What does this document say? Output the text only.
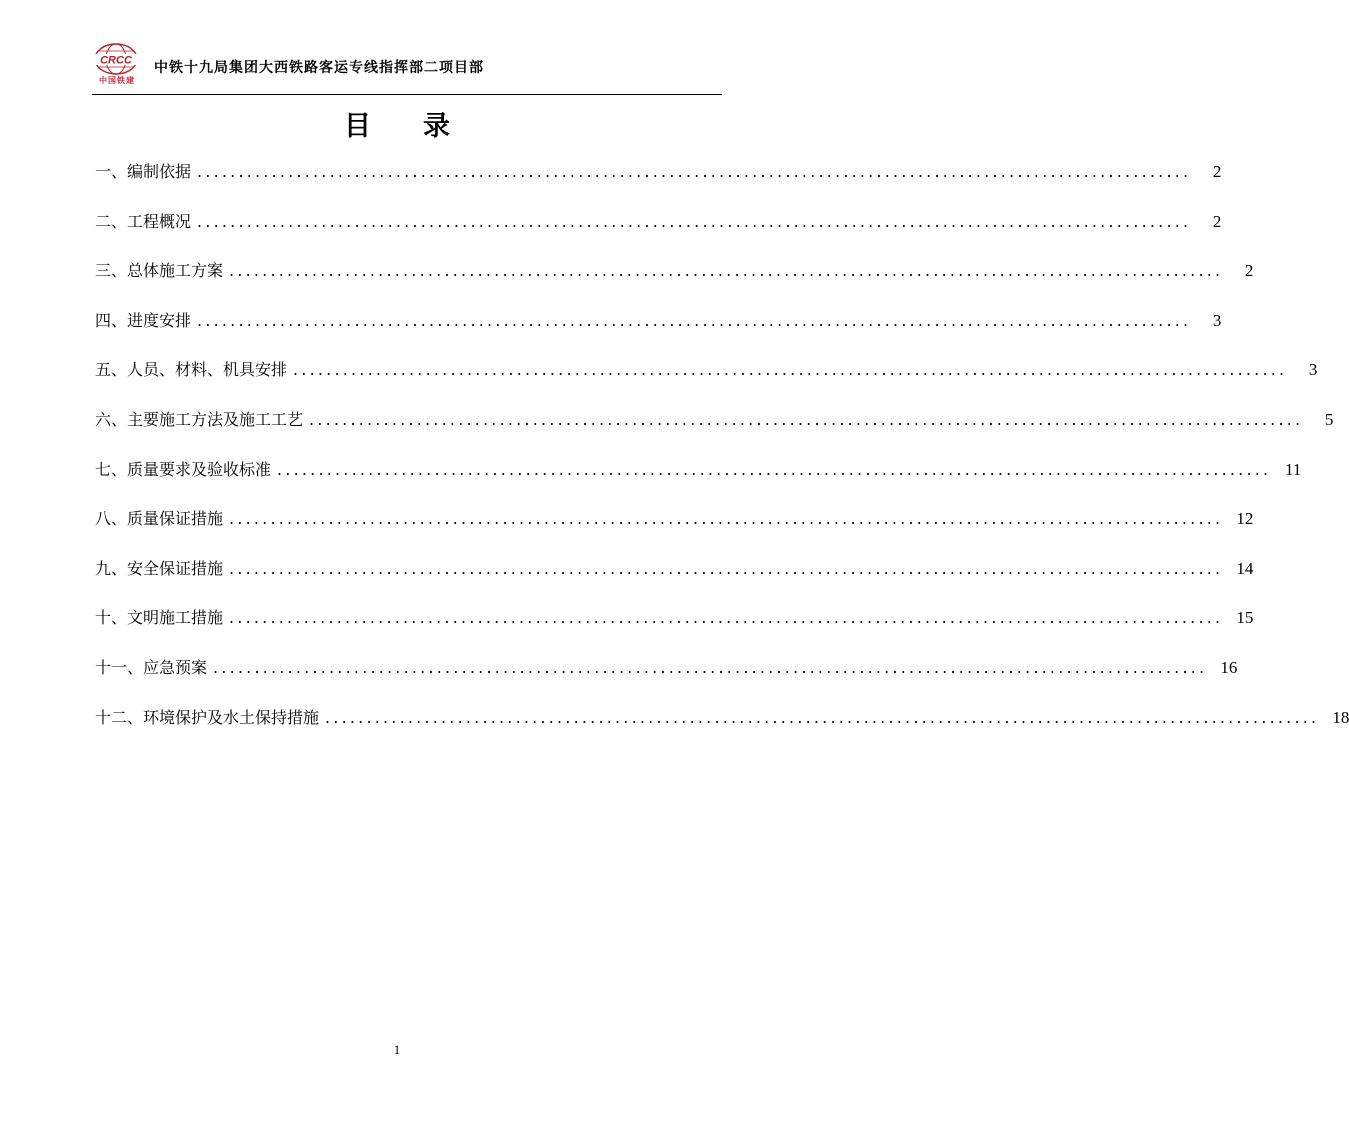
CRCC
中国铁建
中铁十九局集团大西铁路客运专线指挥部二项目部
目 录
一、编制依据 ........................................................................................................................	2
二、工程概况 ........................................................................................................................	2
三、总体施工方案 ........................................................................................................................	2
四、进度安排 ........................................................................................................................	3
五、人员、材料、机具安排 ........................................................................................................................	3
六、主要施工方法及施工工艺 ........................................................................................................................	5
七、质量要求及验收标准 ........................................................................................................................ 11
八、质量保证措施 ........................................................................................................................ 12
九、安全保证措施 ........................................................................................................................ 14
十、文明施工措施 ........................................................................................................................ 15
十一、应急预案 ........................................................................................................................ 16
十二、环境保护及水土保持措施 ........................................................................................................................ 18
1
